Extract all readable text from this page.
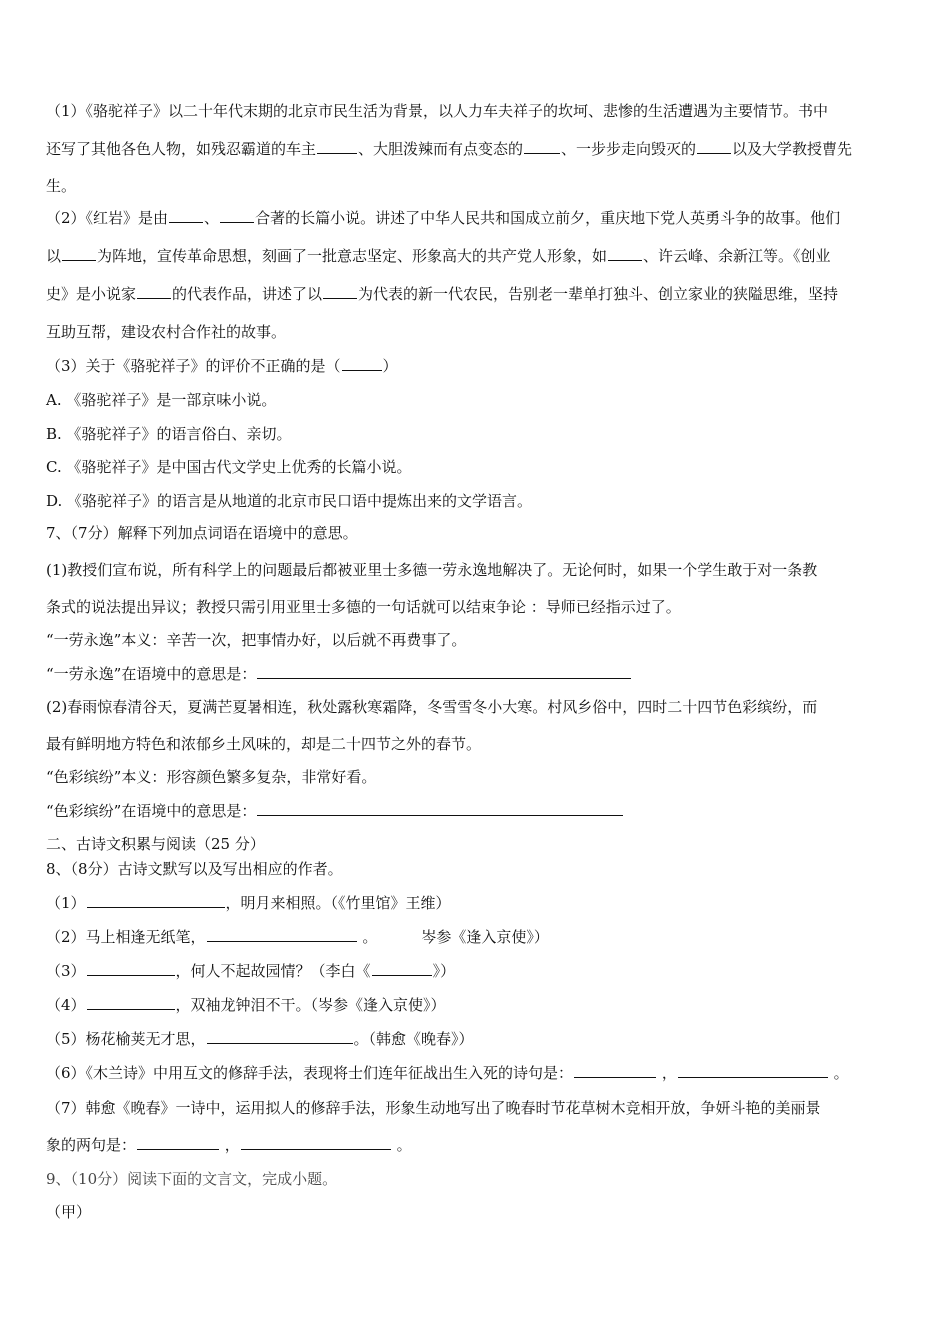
（1）《骆驼祥子》以二十年代末期的北京市民生活为背景，以人力车夫祥子的坎坷、悲惨的生活遭遇为主要情节。书中
还写了其他各色人物，如残忍霸道的车主	、大胆泼辣而有点变态的	、一步步走向毁灭的 以及大学教授曹先
生。
（2）《红岩》是由 、 合著的长篇小说。讲述了中华人民共和国成立前夕，重庆地下党人英勇斗争的故事。他们
以 为阵地，宣传革命思想，刻画了一批意志坚定、形象高大的共产党人形象，如 、许云峰、余新江等。《创业
史》是小说家 的代表作品，讲述了以 为代表的新一代农民，告别老一辈单打独斗、创立家业的狭隘思维，坚持
互助互帮，建设农村合作社的故事。
（3）关于《骆驼祥子》的评价不正确的是（	）
A. 《骆驼祥子》是一部京味小说。
B. 《骆驼祥子》的语言俗白、亲切。
C. 《骆驼祥子》是中国古代文学史上优秀的长篇小说。
D. 《骆驼祥子》的语言是从地道的北京市民口语中提炼出来的文学语言。
7、（7分）解释下列加点词语在语境中的意思。
(1)教授们宣布说，所有科学上的问题最后都被亚里士多德一劳永逸地解决了。无论何时，如果一个学生敢于对一条教
条式的说法提出异议；教授只需引用亚里士多德的一句话就可以结束争论 ：导师已经指示过了。
“一劳永逸”本义：辛苦一次，把事情办好，以后就不再费事了。
“一劳永逸”在语境中的意思是：
(2)春雨惊春清谷天，夏满芒夏暑相连，秋处露秋寒霜降，冬雪雪冬小大寒。村风乡俗中，四时二十四节色彩缤纷，而
最有鲜明地方特色和浓郁乡土风味的，却是二十四节之外的春节。
“色彩缤纷”本义：形容颜色繁多复杂，非常好看。
“色彩缤纷”在语境中的意思是：
二、古诗文积累与阅读（25 分）
8、（8分）古诗文默写以及写出相应的作者。
（1）	，明月来相照。（《竹里馆》王维）
（2）马上相逢无纸笔，	。	岑参《逢入京使》）
（3）	，何人不起故园情？（李白《	》）
（4）	，双袖龙钟泪不干。（岑参《逢入京使》）
（5）杨花榆荚无才思，	。（韩愈《晚春》）
（6）《木兰诗》中用互文的修辞手法，表现将士们连年征战出生入死的诗句是：	，	。
（7）韩愈《晚春》一诗中，运用拟人的修辞手法，形象生动地写出了晚春时节花草树木竞相开放，争妍斗艳的美丽景
象的两句是：	，	。
9、（10分）阅读下面的文言文，完成小题。
（甲）
